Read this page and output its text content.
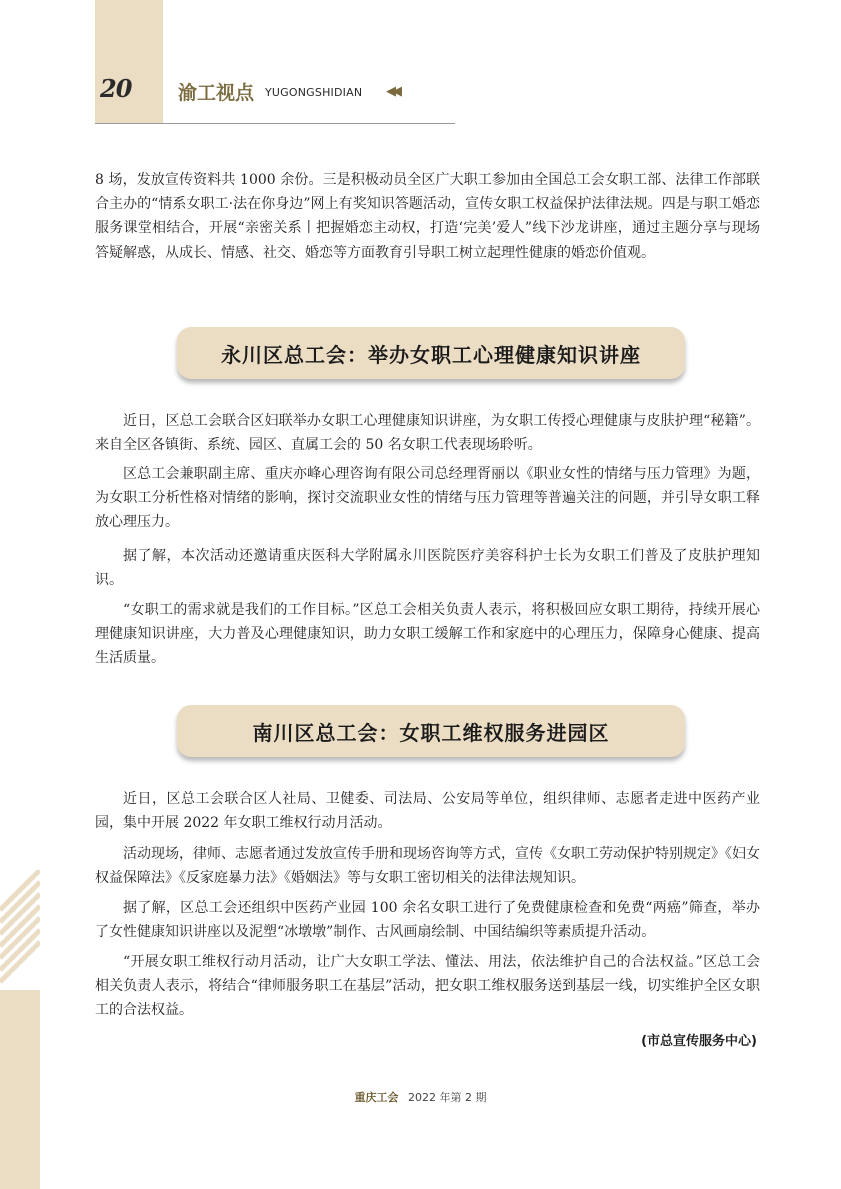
20	渝工视点 YUGONGSHIDIAN ◀◀

8 场，发放宣传资料共 1000 余份。三是积极动员全区广大职工参加由全国总工会女职工部、法律工作部联合主办的“情系女职工·法在你身边”网上有奖知识答题活动，宣传女职工权益保护法律法规。四是与职工婚恋服务课堂相结合，开展“亲密关系丨把握婚恋主动权，打造‘完美’爱人”线下沙龙讲座，通过主题分享与现场答疑解惑，从成长、情感、社交、婚恋等方面教育引导职工树立起理性健康的婚恋价值观。

永川区总工会：举办女职工心理健康知识讲座

近日，区总工会联合区妇联举办女职工心理健康知识讲座，为女职工传授心理健康与皮肤护理“秘籍”。来自全区各镇街、系统、园区、直属工会的 50 名女职工代表现场聆听。

区总工会兼职副主席、重庆亦峰心理咨询有限公司总经理胥丽以《职业女性的情绪与压力管理》为题，为女职工分析性格对情绪的影响，探讨交流职业女性的情绪与压力管理等普遍关注的问题，并引导女职工释放心理压力。

据了解，本次活动还邀请重庆医科大学附属永川医院医疗美容科护士长为女职工们普及了皮肤护理知识。

“女职工的需求就是我们的工作目标。”区总工会相关负责人表示，将积极回应女职工期待，持续开展心理健康知识讲座，大力普及心理健康知识，助力女职工缓解工作和家庭中的心理压力，保障身心健康、提高生活质量。

南川区总工会：女职工维权服务进园区

近日，区总工会联合区人社局、卫健委、司法局、公安局等单位，组织律师、志愿者走进中医药产业园，集中开展 2022 年女职工维权行动月活动。

活动现场，律师、志愿者通过发放宣传手册和现场咨询等方式，宣传《女职工劳动保护特别规定》《妇女权益保障法》《反家庭暴力法》《婚姻法》等与女职工密切相关的法律法规知识。

据了解，区总工会还组织中医药产业园 100 余名女职工进行了免费健康检查和免费“两癌”筛查，举办了女性健康知识讲座以及泥塑“冰墩墩”制作、古风画扇绘制、中国结编织等素质提升活动。

“开展女职工维权行动月活动，让广大女职工学法、懂法、用法，依法维护自己的合法权益。”区总工会相关负责人表示，将结合“律师服务职工在基层”活动，把女职工维权服务送到基层一线，切实维护全区女职工的合法权益。

(市总宣传服务中心)
重庆工会 2022 年第 2 期
